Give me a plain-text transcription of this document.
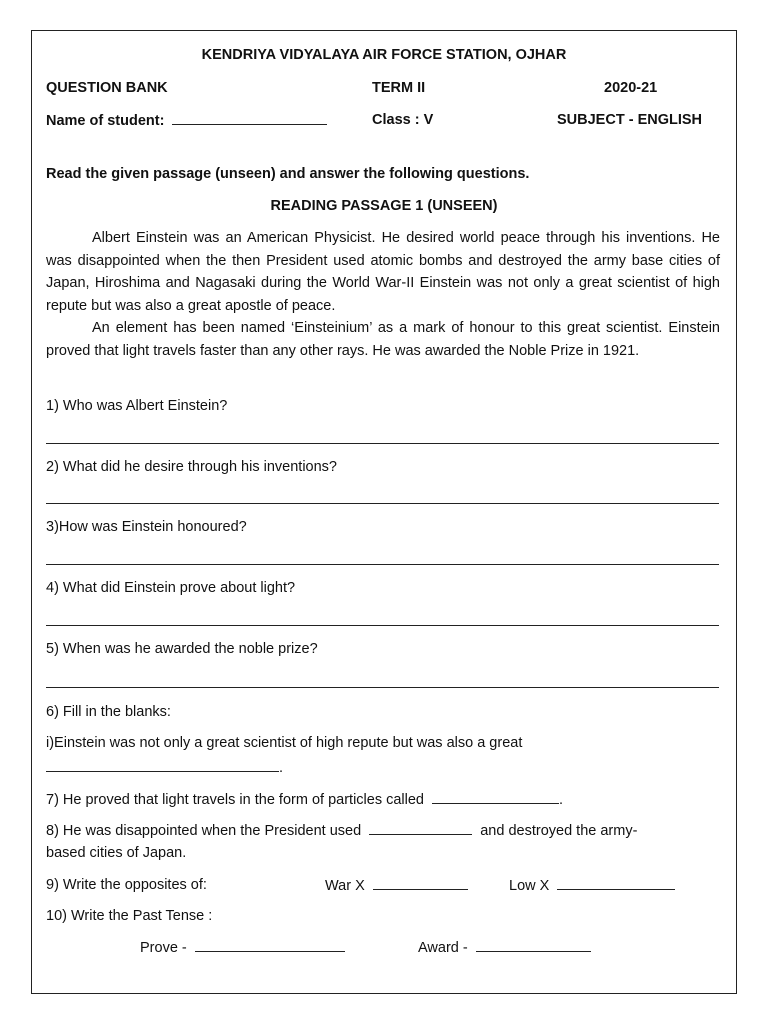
KENDRIYA VIDYALAYA AIR FORCE STATION, OJHAR
QUESTION BANK	TERM II	2020-21
Name of student:	Class : V	SUBJECT - ENGLISH
Read the given passage (unseen) and answer the following questions.
READING PASSAGE 1 (UNSEEN)
Albert Einstein was an American Physicist. He desired world peace through his inventions. He was disappointed when the then President used atomic bombs and destroyed the army base cities of Japan, Hiroshima and Nagasaki during the World War-II Einstein was not only a great scientist of high repute but was also a great apostle of peace.
An element has been named ‘Einsteinium’ as a mark of honour to this great scientist. Einstein proved that light travels faster than any other rays. He was awarded the Noble Prize in 1921.
1) Who was Albert Einstein?
2) What did he desire through his inventions?
3)How was Einstein honoured?
4) What did Einstein prove about light?
5) When was he awarded the noble prize?
6) Fill in the blanks:
i)Einstein was not only a great scientist of high repute but was also a great
.
7) He proved that light travels in the form of particles called	.
8) He was disappointed when the President used	and destroyed the army-
based cities of Japan.
9) Write the opposites of:	War X	Low X
10) Write the Past Tense :
Prove -	Award -
